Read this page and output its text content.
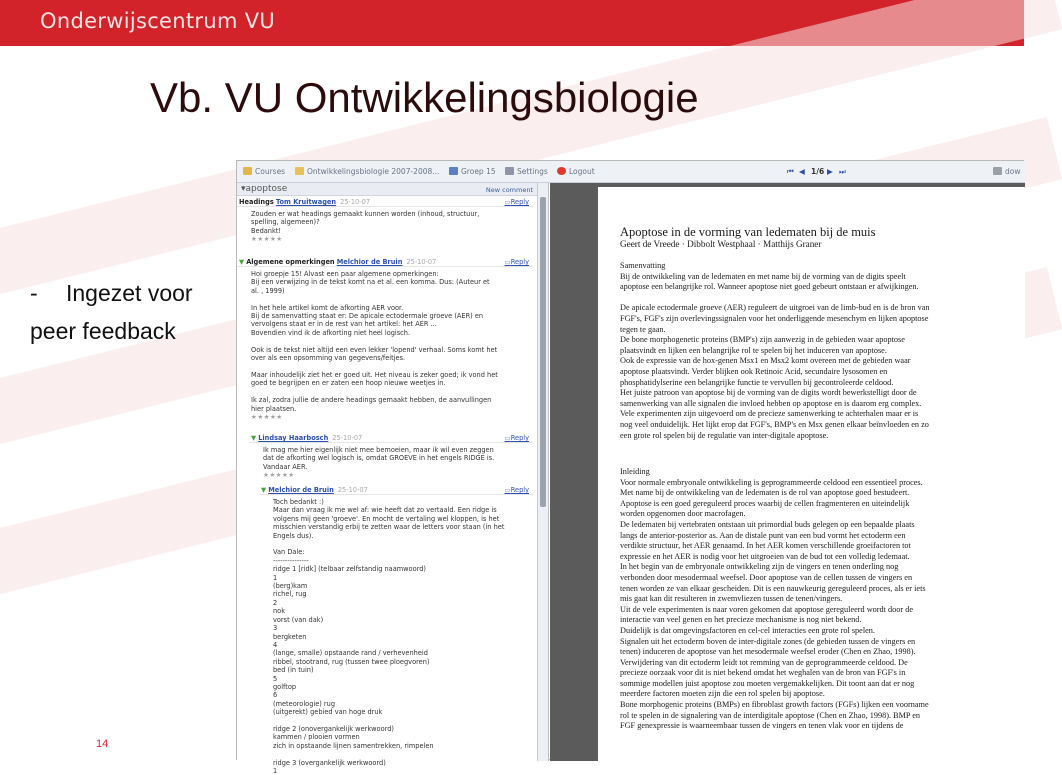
Onderwijscentrum VU
Vb. VU Ontwikkelingsbiologie
- Ingezet voor
peer feedback
14
Courses	Ontwikkelingsbiologie 2007-2008...	Groep 15	Settings	Logout	⏮ ◀ 1/6 ▶ ⏭	dow
▾apoptose	New comment
Headings Tom Kruitwagen 25-10-07	▭ Reply
Zouden er wat headings gemaakt kunnen worden (inhoud, structuur,
spelling, algemeen)?
Bedankt!
★★★★★
▼ Algemene opmerkingen Melchior de Bruin 25-10-07	▭ Reply
Hoi groepje 15! Alvast een paar algemene opmerkingen:
Bij een verwijzing in de tekst komt na et al. een komma. Dus: (Auteur et
al. , 1999)

In het hele artikel komt de afkorting AER voor.
Bij de samenvatting staat er: De apicale ectodermale groeve (AER) en
vervolgens staat er in de rest van het artikel: het AER ...
Bovendien vind ik de afkorting niet heel logisch.

Ook is de tekst niet altijd een even lekker 'lopend' verhaal. Soms komt het
over als een opsomming van gegevens/feitjes.

Maar inhoudelijk ziet het er goed uit. Het niveau is zeker goed; ik vond het
goed te begrijpen en er zaten een hoop nieuwe weetjes in.

Ik zal, zodra jullie de andere headings gemaakt hebben, de aanvullingen
hier plaatsen.
★★★★★
▼ Lindsay Haarbosch 25-10-07	▭ Reply
Ik mag me hier eigenlijk niet mee bemoeien, maar ik wil even zeggen
dat de afkorting wel logisch is, omdat GROEVE in het engels RIDGE is.
Vandaar AER.
★★★★★
▼ Melchior de Bruin 25-10-07	▭ Reply
Toch bedankt :)
Maar dan vraag ik me wel af: wie heeft dat zo vertaald. Een ridge is
volgens mij geen 'groeve'. En mocht de vertaling wel kloppen, is het
misschien verstandig erbij te zetten waar de letters voor staan (in het
Engels dus).

Van Dale:
---------------
ridge 1 [ridk] (telbaar zelfstandig naamwoord)
1
(berg)kam
richel, rug
2
nok
vorst (van dak)
3
bergketen
4
(lange, smalle) opstaande rand / verhevenheid
ribbel, stootrand, rug (tussen twee ploegvoren)
bed (in tuin)
5
golftop
6
(meteorologie) rug
(uitgerekt) gebied van hoge druk

ridge 2 (onovergankelijk werkwoord)
kammen / plooien vormen
zich in opstaande lijnen samentrekken, rimpelen

ridge 3 (overgankelijk werkwoord)
1
Apoptose in de vorming van ledematen bij de muis
Geert de Vreede · Dibbolt Westphaal · Matthijs Graner
Samenvatting
Bij de ontwikkeling van de ledematen en met name bij de vorming van de digits speelt
apoptose een belangrijke rol. Wanneer apoptose niet goed gebeurt ontstaan er afwijkingen.

De apicale ectodermale groeve (AER) reguleert de uitgroei van de limb-bud en is de bron van
FGF's, FGF's zijn overlevingssignalen voor het onderliggende mesenchym en lijken apoptose
tegen te gaan.
De bone morphogenetic proteins (BMP's) zijn aanwezig in de gebieden waar apoptose
plaatsvindt en lijken een belangrijke rol te spelen bij het induceren van apoptose.
Ook de expressie van de hox-genen Msx1 en Msx2 komt overeen met de gebieden waar
apoptose plaatsvindt. Verder blijken ook Retinoic Acid, secundaire lysosomen en
phosphatidylserine een belangrijke functie te vervullen bij gecontroleerde celdood.
Het juiste patroon van apoptose bij de vorming van de digits wordt bewerkstelligt door de
samenwerking van alle signalen die invloed hebben op apoptose en is daarom erg complex.
Vele experimenten zijn uitgevoerd om de precieze samenwerking te achterhalen maar er is
nog veel onduidelijk. Het lijkt erop dat FGF's, BMP's en Msx genen elkaar beïnvloeden en zo
een grote rol spelen bij de regulatie van inter-digitale apoptose.
Inleiding
Voor normale embryonale ontwikkeling is geprogrammeerde celdood een essentieel proces.
Met name bij de ontwikkeling van de ledematen is de rol van apoptose goed bestudeert.
Apoptose is een goed gereguleerd proces waarbij de cellen fragmenteren en uiteindelijk
worden opgenomen door macrofagen.
De ledematen bij vertebraten ontstaan uit primordial buds gelegen op een bepaalde plaats
langs de anterior-posterior as. Aan de distale punt van een bud vormt het ectoderm een
verdikte structuur, het AER genaamd. In het AER komen verschillende groeifactoren tot
expressie en het AER is nodig voor het uitgroeien van de bud tot een volledig ledemaat.
In het begin van de embryonale ontwikkeling zijn de vingers en tenen onderling nog
verbonden door mesodermaal weefsel. Door apoptose van de cellen tussen de vingers en
tenen worden ze van elkaar gescheiden. Dit is een nauwkeurig gereguleerd proces, als er iets
mis gaat kan dit resulteren in zwemvliezen tussen de tenen/vingers.
Uit de vele experimenten is naar voren gekomen dat apoptose gereguleerd wordt door de
interactie van veel genen en het precieze mechanisme is nog niet bekend.
Duidelijk is dat omgevingsfactoren en cel-cel interacties een grote rol spelen.
Signalen uit het ectoderm boven de inter-digitale zones (de gebieden tussen de vingers en
tenen) induceren de apoptose van het mesodermale weefsel eroder (Chen en Zhao, 1998).
Verwijdering van dit ectoderm leidt tot remming van de geprogrammeerde celdood. De
precieze oorzaak voor dit is niet bekend omdat het weghalen van de bron van FGF's in
sommige modellen juist apoptose zou moeten vergemakkelijken. Dit toont aan dat er nog
meerdere factoren moeten zijn die een rol spelen bij apoptose.
Bone morphogenic proteins (BMPs) en fibroblast growth factors (FGFs) lijken een voorname
rol te spelen in de signalering van de interdigitale apoptose (Chen en Zhao, 1998). BMP en
FGF genexpressie is waarneembaar tussen de vingers en tenen vlak voor en tijdens de
